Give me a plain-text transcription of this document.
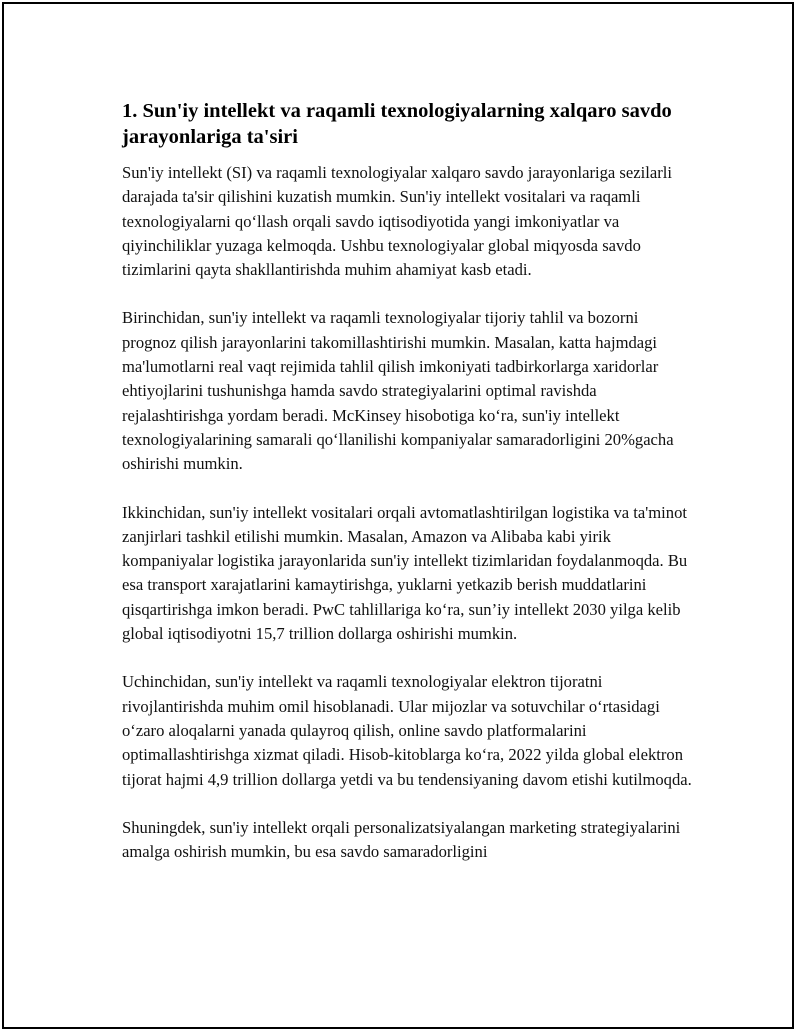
1. Sun'iy intellekt va raqamli texnologiyalarning xalqaro savdo jarayonlariga ta'siri

Sun'iy intellekt (SI) va raqamli texnologiyalar xalqaro savdo jarayonlariga sezilarli darajada ta'sir qilishini kuzatish mumkin. Sun'iy intellekt vositalari va raqamli texnologiyalarni qo‘llash orqali savdo iqtisodiyotida yangi imkoniyatlar va qiyinchiliklar yuzaga kelmoqda. Ushbu texnologiyalar global miqyosda savdo tizimlarini qayta shakllantirishda muhim ahamiyat kasb etadi.

Birinchidan, sun'iy intellekt va raqamli texnologiyalar tijoriy tahlil va bozorni prognoz qilish jarayonlarini takomillashtirishi mumkin. Masalan, katta hajmdagi ma'lumotlarni real vaqt rejimida tahlil qilish imkoniyati tadbirkorlarga xaridorlar ehtiyojlarini tushunishga hamda savdo strategiyalarini optimal ravishda rejalashtirishga yordam beradi. McKinsey hisobotiga ko‘ra, sun'iy intellekt texnologiyalarining samarali qo‘llanilishi kompaniyalar samaradorligini 20%gacha oshirishi mumkin.

Ikkinchidan, sun'iy intellekt vositalari orqali avtomatlashtirilgan logistika va ta'minot zanjirlari tashkil etilishi mumkin. Masalan, Amazon va Alibaba kabi yirik kompaniyalar logistika jarayonlarida sun'iy intellekt tizimlaridan foydalanmoqda. Bu esa transport xarajatlarini kamaytirishga, yuklarni yetkazib berish muddatlarini qisqartirishga imkon beradi. PwC tahlillariga ko‘ra, sun’iy intellekt 2030 yilga kelib global iqtisodiyotni 15,7 trillion dollarga oshirishi mumkin.

Uchinchidan, sun'iy intellekt va raqamli texnologiyalar elektron tijoratni rivojlantirishda muhim omil hisoblanadi. Ular mijozlar va sotuvchilar o‘rtasidagi o‘zaro aloqalarni yanada qulayroq qilish, online savdo platformalarini optimallashtirishga xizmat qiladi. Hisob-kitoblarga ko‘ra, 2022 yilda global elektron tijorat hajmi 4,9 trillion dollarga yetdi va bu tendensiyaning davom etishi kutilmoqda.

Shuningdek, sun'iy intellekt orqali personalizatsiyalangan marketing strategiyalarini amalga oshirish mumkin, bu esa savdo samaradorligini
